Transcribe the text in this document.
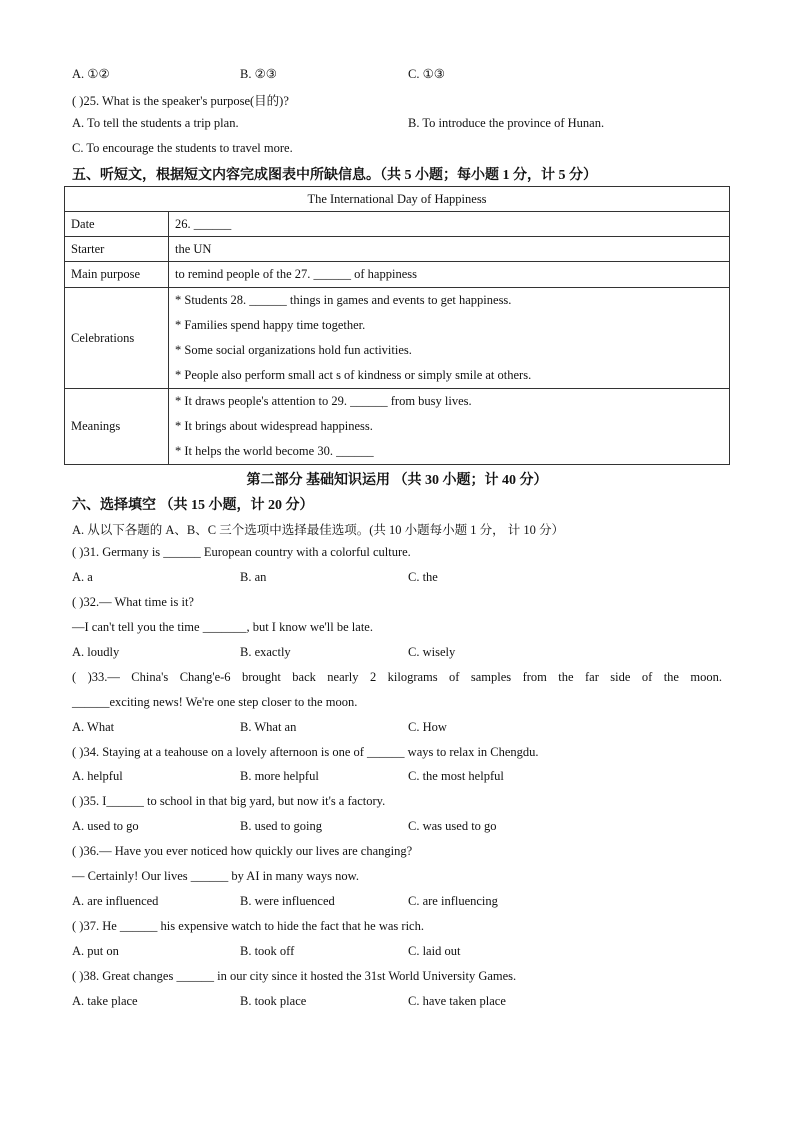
A. ①②	B. ②③	C. ①③
( )25. What is the speaker's purpose(目的)?
A. To tell the students a trip plan.	B. To introduce the province of Hunan.
C. To encourage the students to travel more.
五、听短文，根据短文内容完成图表中所缺信息。（共 5 小题；每小题 1 分，计 5 分）
The International Day of Happiness	
Date	26. ______
Starter	the UN
Main purpose	to remind people of the 27. ______ of happiness
Celebrations	* Students 28. ______ things in games and events to get happiness.
* Families spend happy time together.
* Some social organizations hold fun activities.
* People also perform small act s of kindness or simply smile at others.

Meanings	* It draws people's attention to 29. ______ from busy lives.
* It brings about widespread happiness.
* It helps the world become 30. ______
第二部分 基础知识运用 （共 30 小题；计 40 分）
六、选择填空 （共 15 小题，计 20 分）
A. 从以下各题的 A、B、C 三个选项中选择最佳选项。(共 10 小题每小题 1 分， 计 10 分）
( )31. Germany is ______ European country with a colorful culture.
A. a	B. an	C. the
( )32.— What time is it?
—I can't tell you the time _______, but I know we'll be late.
A. loudly	B. exactly	C. wisely
( )33.— China's Chang'e-6 brought back nearly 2 kilograms of samples from the far side of the moon.
______exciting news! We're one step closer to the moon.
A. What	B. What an	C. How
( )34. Staying at a teahouse on a lovely afternoon is one of ______ ways to relax in Chengdu.
A. helpful	B. more helpful	C. the most helpful
( )35. I______ to school in that big yard, but now it's a factory.
A. used to go	B. used to going	C. was used to go
( )36.— Have you ever noticed how quickly our lives are changing?
— Certainly! Our lives ______ by AI in many ways now.
A. are influenced	B. were influenced	C. are influencing
( )37. He ______ his expensive watch to hide the fact that he was rich.
A. put on	B. took off	C. laid out
( )38. Great changes ______ in our city since it hosted the 31st World University Games.
A. take place	B. took place	C. have taken place
